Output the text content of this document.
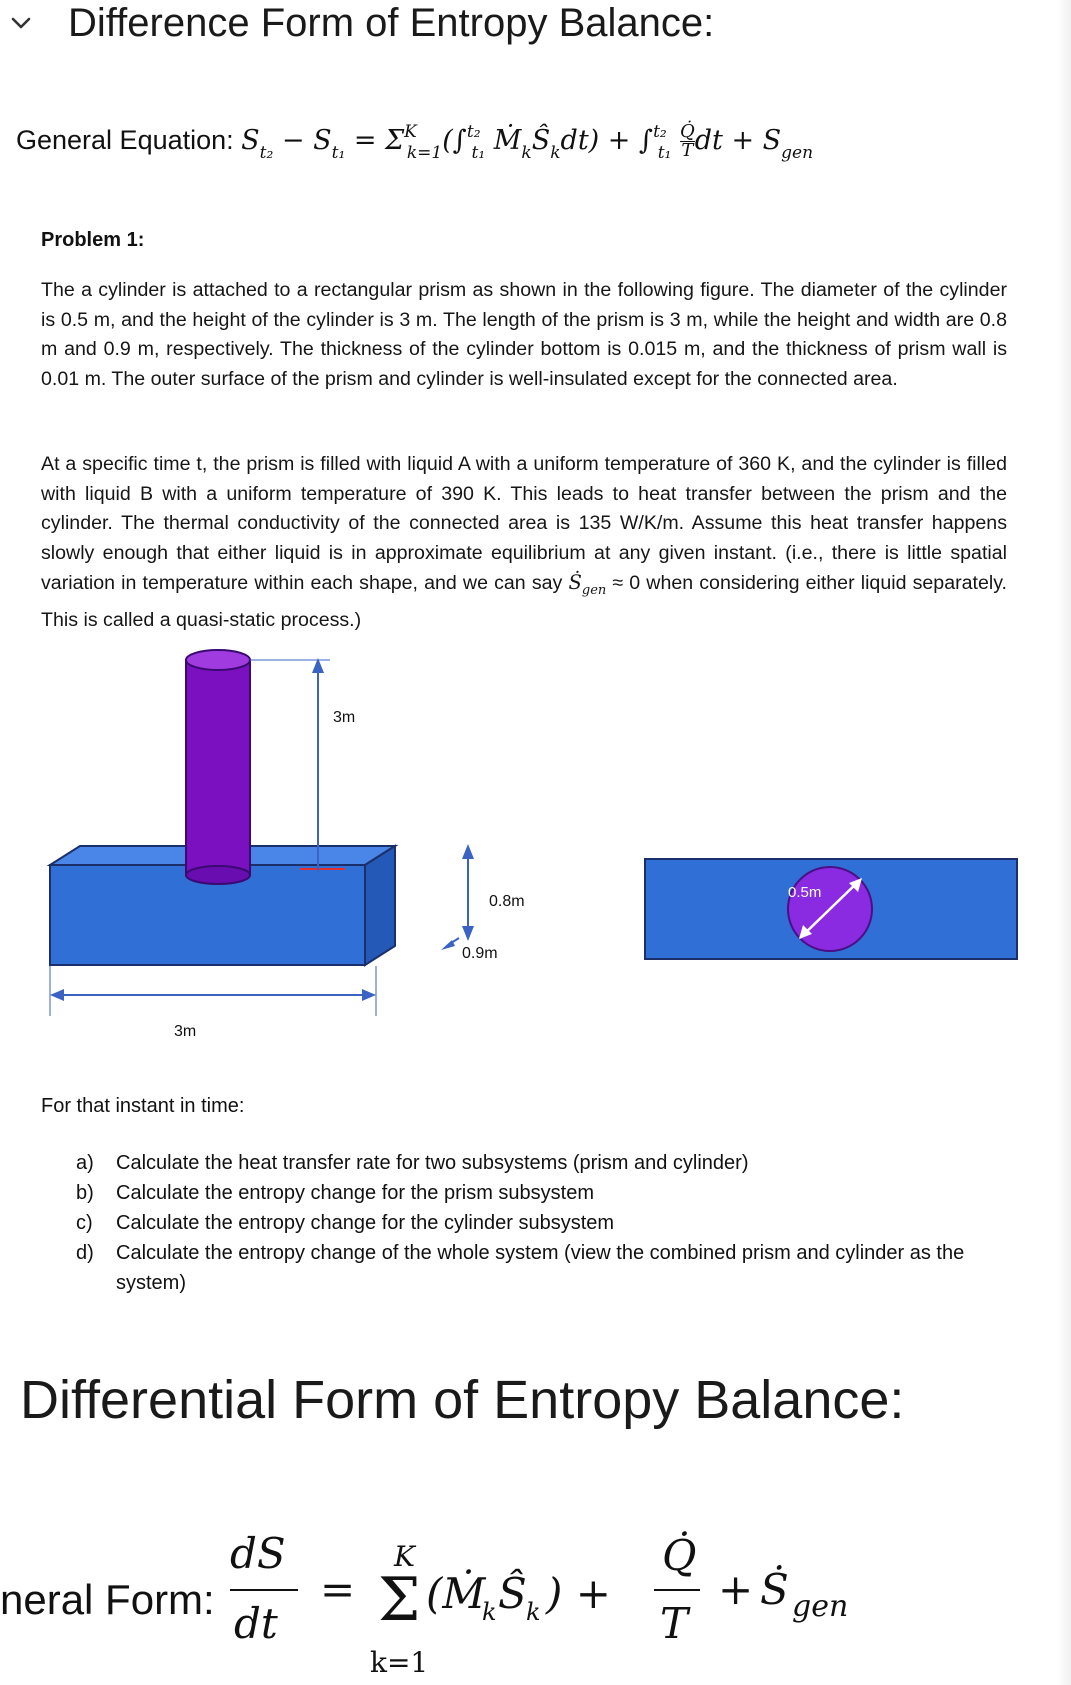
Difference Form of Entropy Balance:
General Equation: $S_{t_2} - S_{t_1} = \Sigma^K_{k=1}(\int^{t_2}_{t_1}$ $Ṁ_kŜ_kdt) + \int^{t_2}_{t_1} \frac{Q̇}{T}$ dt + $S_{gen}$
Problem 1:
The a cylinder is attached to a rectangular prism as shown in the following figure. The diameter of the cylinder is 0.5 m, and the height of the cylinder is 3 m. The length of the prism is 3 m, while the height and width are 0.8 m and 0.9 m, respectively. The thickness of the cylinder bottom is 0.015 m, and the thickness of prism wall is 0.01 m. The outer surface of the prism and cylinder is well-insulated except for the connected area.
At a specific time t, the prism is filled with liquid A with a uniform temperature of 360 K, and the cylinder is filled with liquid B with a uniform temperature of 390 K. This leads to heat transfer between the prism and the cylinder. The thermal conductivity of the connected area is 135 W/K/m. Assume this heat transfer happens slowly enough that either liquid is in approximate equilibrium at any given instant. (i.e., there is little spatial variation in temperature within each shape, and we can say Ṡ$_{gen}$ ≈ 0 when considering either liquid separately. This is called a quasi-static process.)
3m
0.8m
0.9m
3m
0.5m
For that instant in time:
a)	Calculate the heat transfer rate for two subsystems (prism and cylinder)
b)	Calculate the entropy change for the prism subsystem
c)	Calculate the entropy change for the cylinder subsystem
d)	Calculate the entropy change of the whole system (view the combined prism and cylinder as the system)
Differential Form of Entropy Balance:
neral Form:
dS
dt
=
K
Σ
k=1
(Ṁ
k Ŝ k ) +
Q̇
T
+ Ṡ gen
